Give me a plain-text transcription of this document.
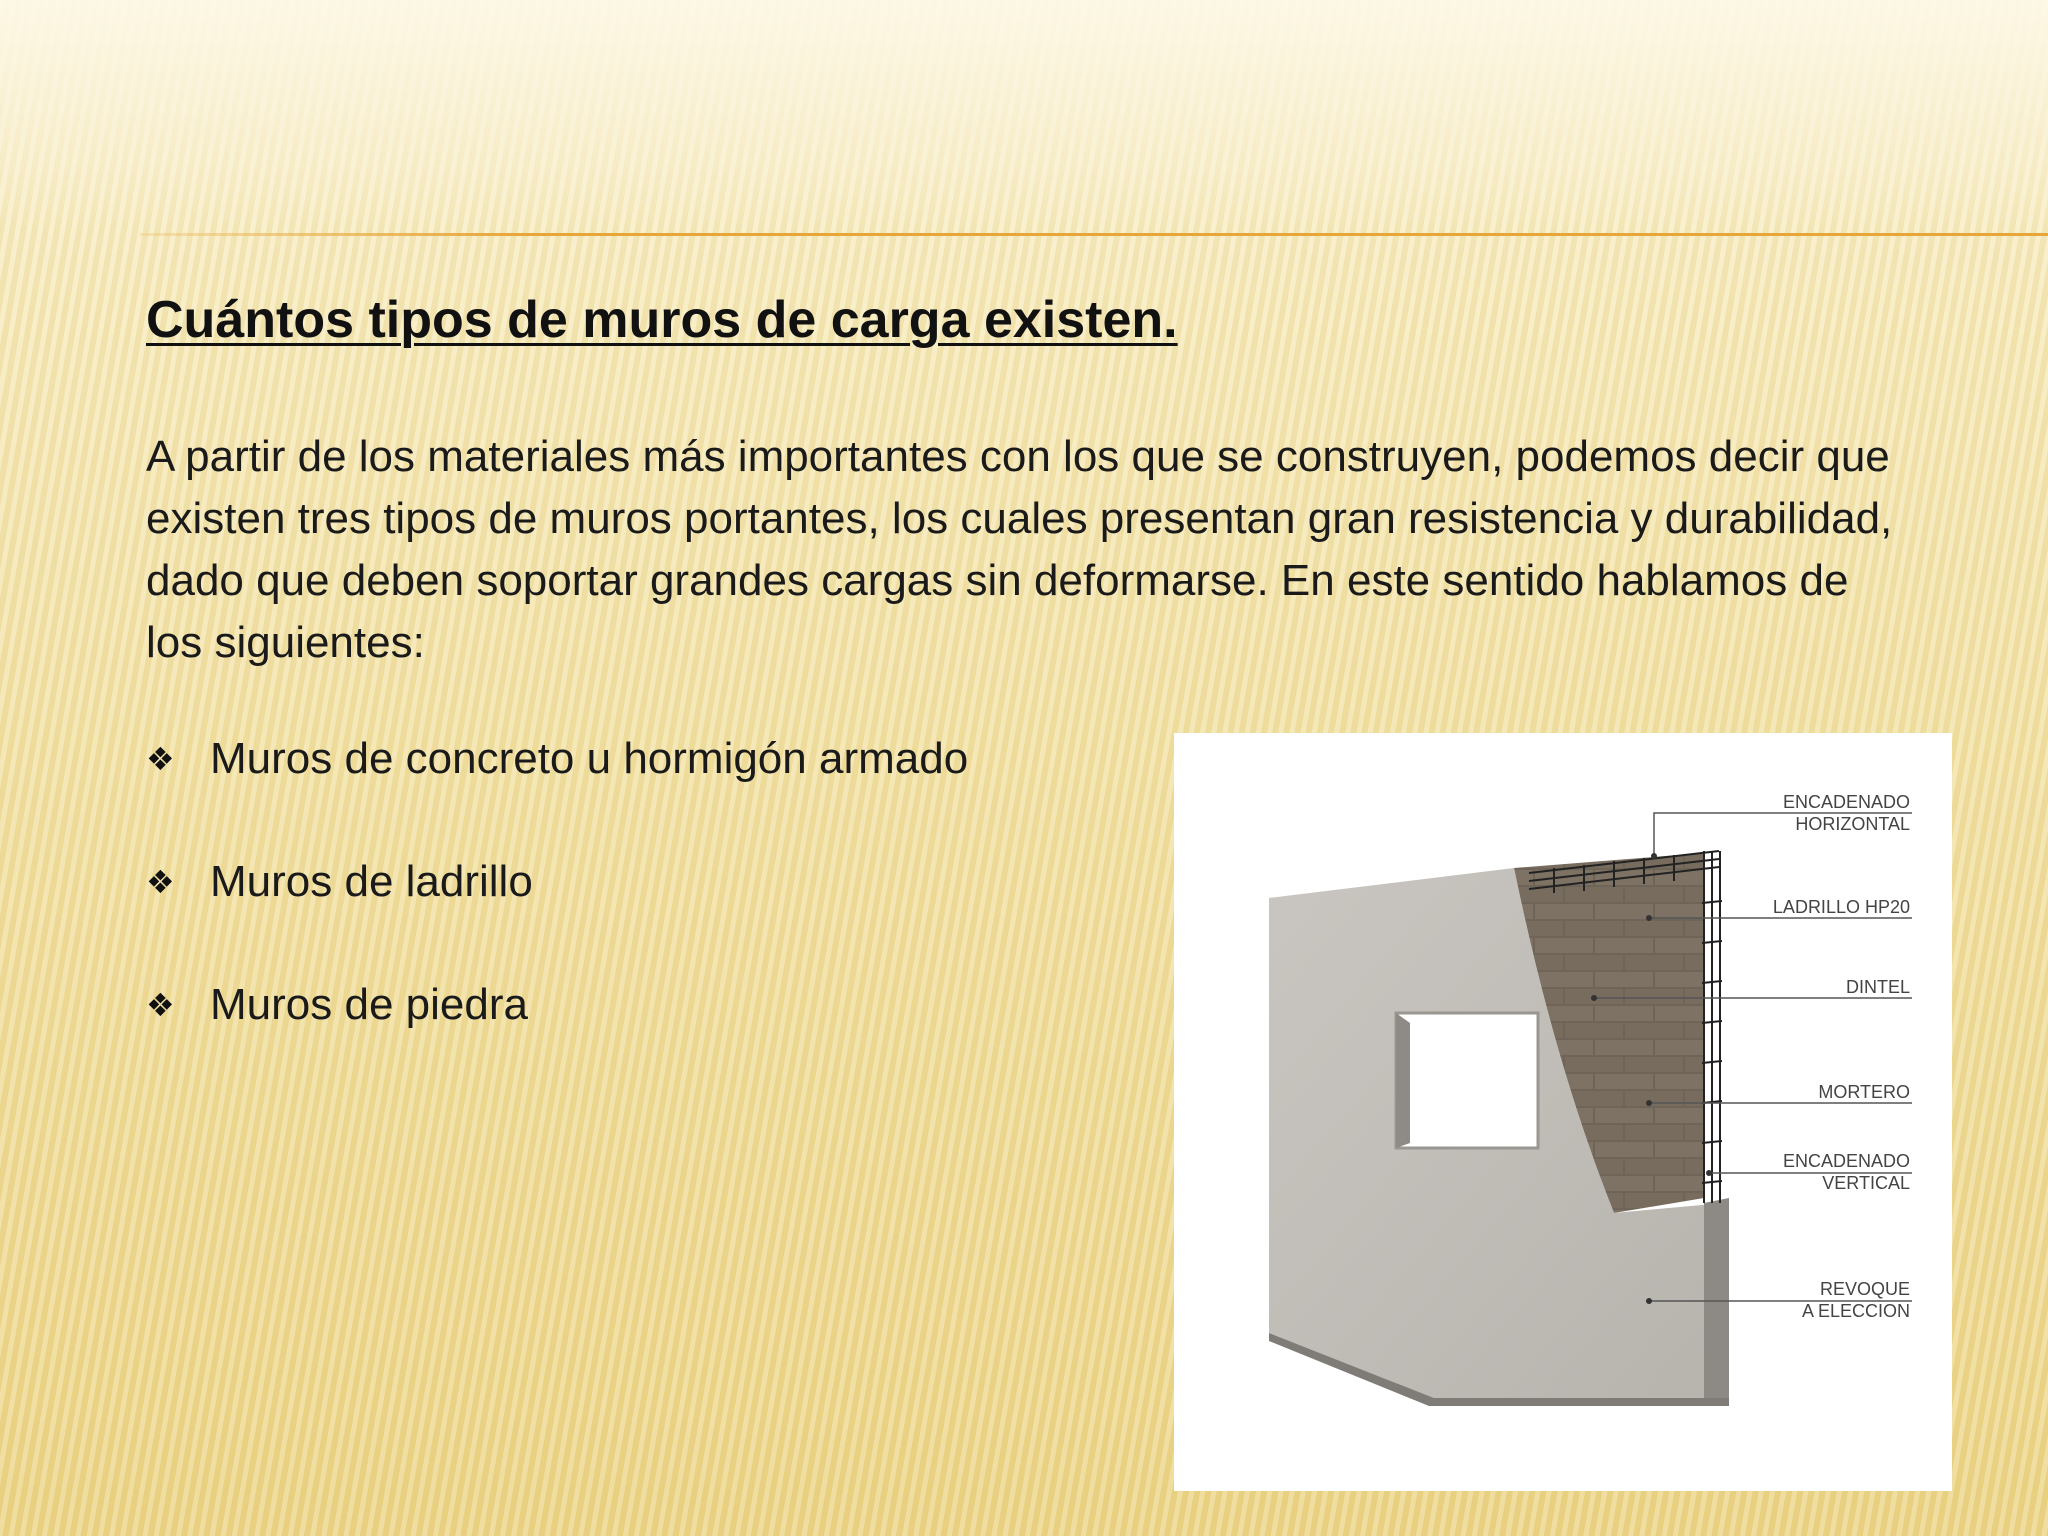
Cuántos tipos de muros de carga existen.

A partir de los materiales más importantes con los que se construyen, podemos decir que existen tres tipos de muros portantes, los cuales presentan gran resistencia y durabilidad, dado que deben soportar grandes cargas sin deformarse. En este sentido hablamos de los siguientes:

❖ Muros de concreto u hormigón armado
❖ Muros de ladrillo
❖ Muros de piedra
ENCADENADO
HORIZONTAL
LADRILLO HP20
DINTEL
MORTERO
ENCADENADO
VERTICAL
REVOQUE
A ELECCION
